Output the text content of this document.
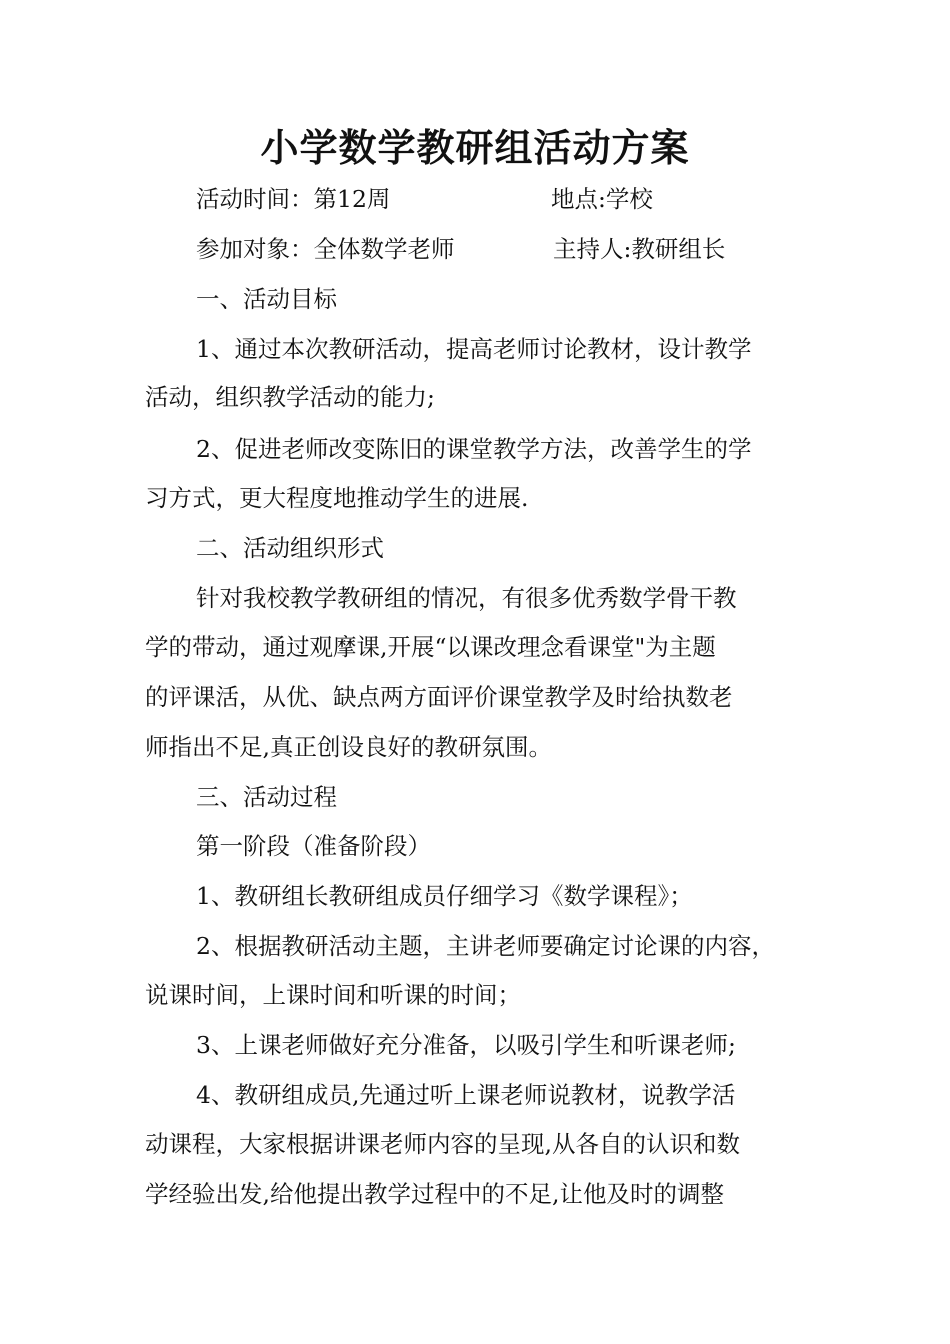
小学数学教研组活动方案
活动时间：第12周	地点:学校
参加对象：全体数学老师	主持人:教研组长
一、活动目标
1、通过本次教研活动，提高老师讨论教材，设计教学
活动，组织教学活动的能力;
2、促进老师改变陈旧的课堂教学方法，改善学生的学
习方式，更大程度地推动学生的进展.
二、活动组织形式
针对我校教学教研组的情况，有很多优秀数学骨干教
学的带动，通过观摩课,开展“以课改理念看课堂"为主题
的评课活，从优、缺点两方面评价课堂教学及时给执数老
师指出不足,真正创设良好的教研氛围。
三、活动过程
第一阶段（准备阶段）
1、教研组长教研组成员仔细学习《数学课程》；
2、根据教研活动主题，主讲老师要确定讨论课的内容，
说课时间，上课时间和听课的时间；
3、上课老师做好充分准备，以吸引学生和听课老师;
4、教研组成员,先通过听上课老师说教材，说教学活
动课程，大家根据讲课老师内容的呈现,从各自的认识和数
学经验出发,给他提出教学过程中的不足,让他及时的调整
